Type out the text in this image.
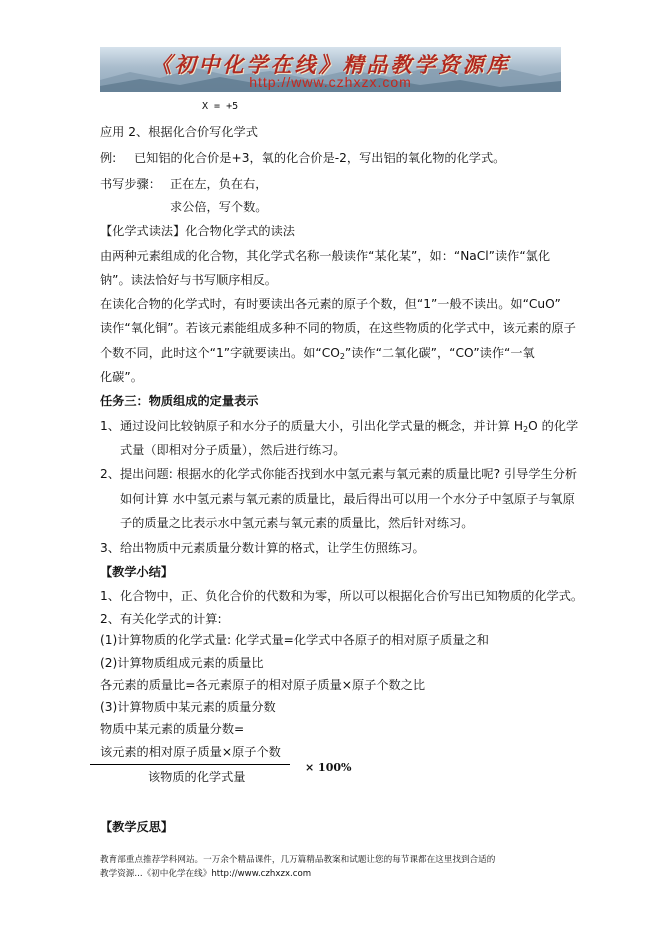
《初中化学在线》精品教学资源库
http://www.czhxzx.com
X = +5
应用 2、根据化合价写化学式
例: 已知铝的化合价是+3，氧的化合价是-2，写出铝的氧化物的化学式。
书写步骤： 正在左，负在右，
求公倍，写个数。
【化学式读法】化合物化学式的读法
由两种元素组成的化合物，其化学式名称一般读作“某化某”，如：“NaCl”读作“氯化
钠”。读法恰好与书写顺序相反。
在读化合物的化学式时，有时要读出各元素的原子个数，但“1”一般不读出。如“CuO”
读作“氧化铜”。若该元素能组成多种不同的物质，在这些物质的化学式中，该元素的原子
个数不同，此时这个“1”字就要读出。如“$CO_2$”读作“二氧化碳”，“CO”读作“一氧
化碳”。
任务三：物质组成的定量表示
1、 通过设问比较钠原子和水分子的质量大小，引出化学式量的概念，并计算 $H_2O$ 的化学
式量（即相对分子质量），然后进行练习。
2、 提出问题: 根据水的化学式你能否找到水中氢元素与氧元素的质量比呢? 引导学生分析
如何计算 水中氢元素与氧元素的质量比，最后得出可以用一个水分子中氢原子与氧原
子的质量之比表示水中氢元素与氧元素的质量比，然后针对练习。
3、给出物质中元素质量分数计算的格式，让学生仿照练习。
【教学小结】
1、化合物中，正、负化合价的代数和为零，所以可以根据化合价写出已知物质的化学式。
2、有关化学式的计算:
(1)计算物质的化学式量: 化学式量=化学式中各原子的相对原子质量之和
(2)计算物质组成元素的质量比
各元素的质量比=各元素原子的相对原子质量×原子个数之比
(3)计算物质中某元素的质量分数
物质中某元素的质量分数=
该元素的相对原子质量×原子个数
× 100%
该物质的化学式量
【教学反思】
教育部重点推荐学科网站。一万余个精品课件，几万篇精品教案和试题让您的每节课都在这里找到合适的
教学资源...《初中化学在线》http://www.czhxzx.com
